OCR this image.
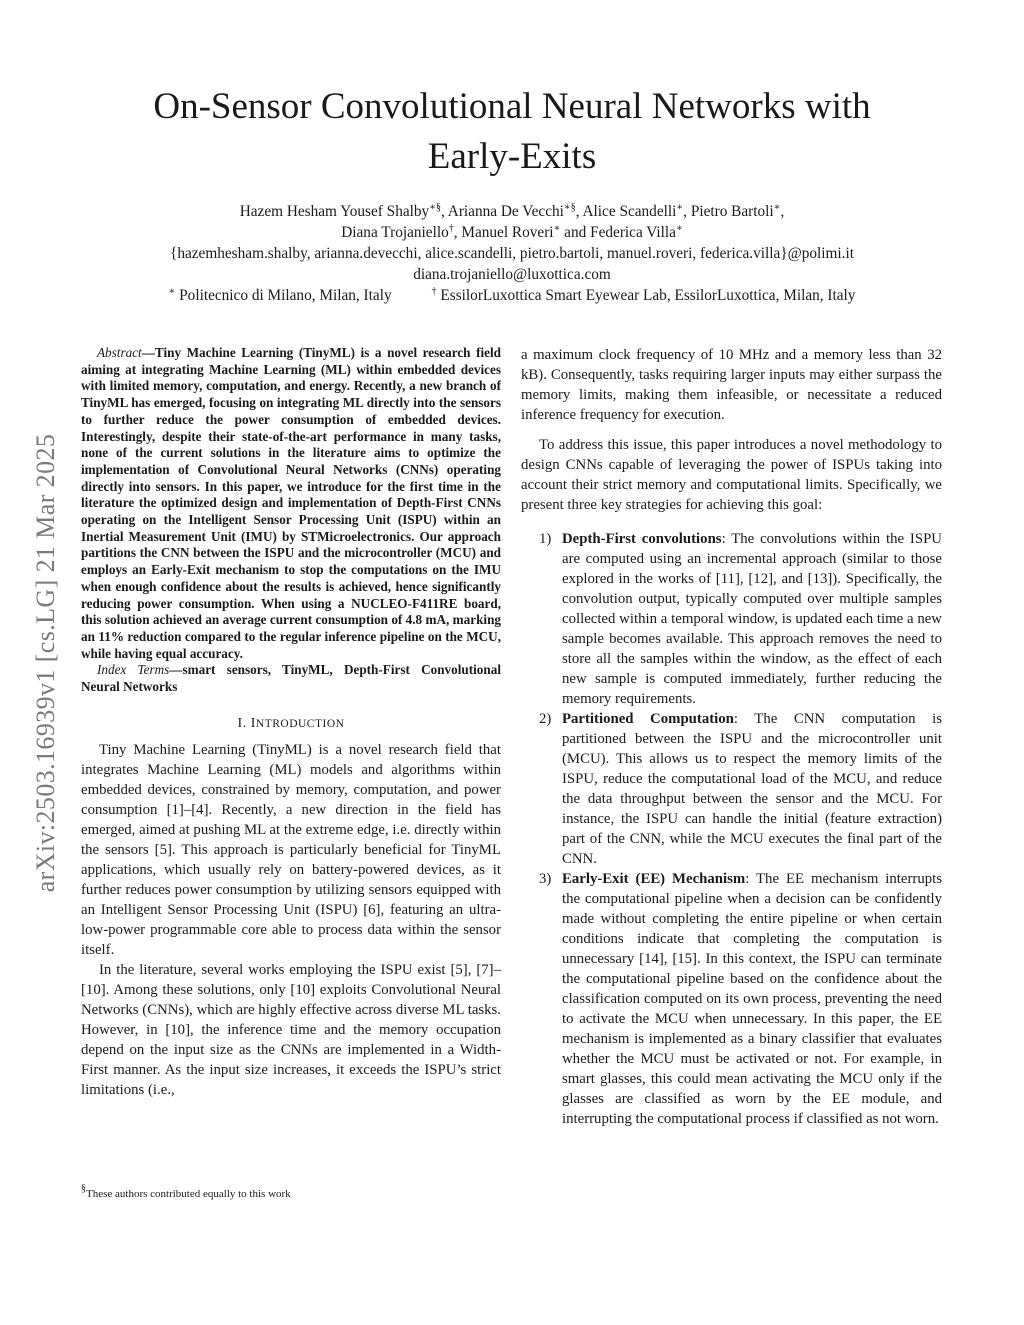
On-Sensor Convolutional Neural Networks with
Early-Exits
Hazem Hesham Yousef Shalby∗§, Arianna De Vecchi∗§, Alice Scandelli∗, Pietro Bartoli∗,
Diana Trojaniello†, Manuel Roveri∗ and Federica Villa∗
{hazemhesham.shalby, arianna.devecchi, alice.scandelli, pietro.bartoli, manuel.roveri, federica.villa}@polimi.it
diana.trojaniello@luxottica.com
∗ Politecnico di Milano, Milan, Italy	† EssilorLuxottica Smart Eyewear Lab, EssilorLuxottica, Milan, Italy
arXiv:2503.16939v1 [cs.LG] 21 Mar 2025

Abstract—Tiny Machine Learning (TinyML) is a novel research field aiming at integrating Machine Learning (ML) within embedded devices with limited memory, computation, and energy. Recently, a new branch of TinyML has emerged, focusing on integrating ML directly into the sensors to further reduce the power consumption of embedded devices. Interestingly, despite their state-of-the-art performance in many tasks, none of the current solutions in the literature aims to optimize the implementation of Convolutional Neural Networks (CNNs) operating directly into sensors. In this paper, we introduce for the first time in the literature the optimized design and implementation of Depth-First CNNs operating on the Intelligent Sensor Processing Unit (ISPU) within an Inertial Measurement Unit (IMU) by STMicroelectronics. Our approach partitions the CNN between the ISPU and the microcontroller (MCU) and employs an Early-Exit mechanism to stop the computations on the IMU when enough confidence about the results is achieved, hence significantly reducing power consumption. When using a NUCLEO-F411RE board, this solution achieved an average current consumption of 4.8 mA, marking an 11% reduction compared to the regular inference pipeline on the MCU, while having equal accuracy.

Index Terms—smart sensors, TinyML, Depth-First Convolutional Neural Networks

I. INTRODUCTION

Tiny Machine Learning (TinyML) is a novel research field that integrates Machine Learning (ML) models and algorithms within embedded devices, constrained by memory, computation, and power consumption [1]–[4]. Recently, a new direction in the field has emerged, aimed at pushing ML at the extreme edge, i.e. directly within the sensors [5]. This approach is particularly beneficial for TinyML applications, which usually rely on battery-powered devices, as it further reduces power consumption by utilizing sensors equipped with an Intelligent Sensor Processing Unit (ISPU) [6], featuring an ultra-low-power programmable core able to process data within the sensor itself.

In the literature, several works employing the ISPU exist [5], [7]–[10]. Among these solutions, only [10] exploits Convolutional Neural Networks (CNNs), which are highly effective across diverse ML tasks. However, in [10], the inference time and the memory occupation depend on the input size as the CNNs are implemented in a Width-First manner. As the input size increases, it exceeds the ISPU’s strict limitations (i.e.,

a maximum clock frequency of 10 MHz and a memory less than 32 kB). Consequently, tasks requiring larger inputs may either surpass the memory limits, making them infeasible, or necessitate a reduced inference frequency for execution.

To address this issue, this paper introduces a novel methodology to design CNNs capable of leveraging the power of ISPUs taking into account their strict memory and computational limits. Specifically, we present three key strategies for achieving this goal:

1) Depth-First convolutions: The convolutions within the ISPU are computed using an incremental approach (similar to those explored in the works of [11], [12], and [13]). Specifically, the convolution output, typically computed over multiple samples collected within a temporal window, is updated each time a new sample becomes available. This approach removes the need to store all the samples within the window, as the effect of each new sample is computed immediately, further reducing the memory requirements.
2) Partitioned Computation: The CNN computation is partitioned between the ISPU and the microcontroller unit (MCU). This allows us to respect the memory limits of the ISPU, reduce the computational load of the MCU, and reduce the data throughput between the sensor and the MCU. For instance, the ISPU can handle the initial (feature extraction) part of the CNN, while the MCU executes the final part of the CNN.
3) Early-Exit (EE) Mechanism: The EE mechanism interrupts the computational pipeline when a decision can be confidently made without completing the entire pipeline or when certain conditions indicate that completing the computation is unnecessary [14], [15]. In this context, the ISPU can terminate the computational pipeline based on the confidence about the classification computed on its own process, preventing the need to activate the MCU when unnecessary. In this paper, the EE mechanism is implemented as a binary classifier that evaluates whether the MCU must be activated or not. For example, in smart glasses, this could mean activating the MCU only if the glasses are classified as worn by the EE module, and interrupting the computational process if classified as not worn.
§These authors contributed equally to this work
